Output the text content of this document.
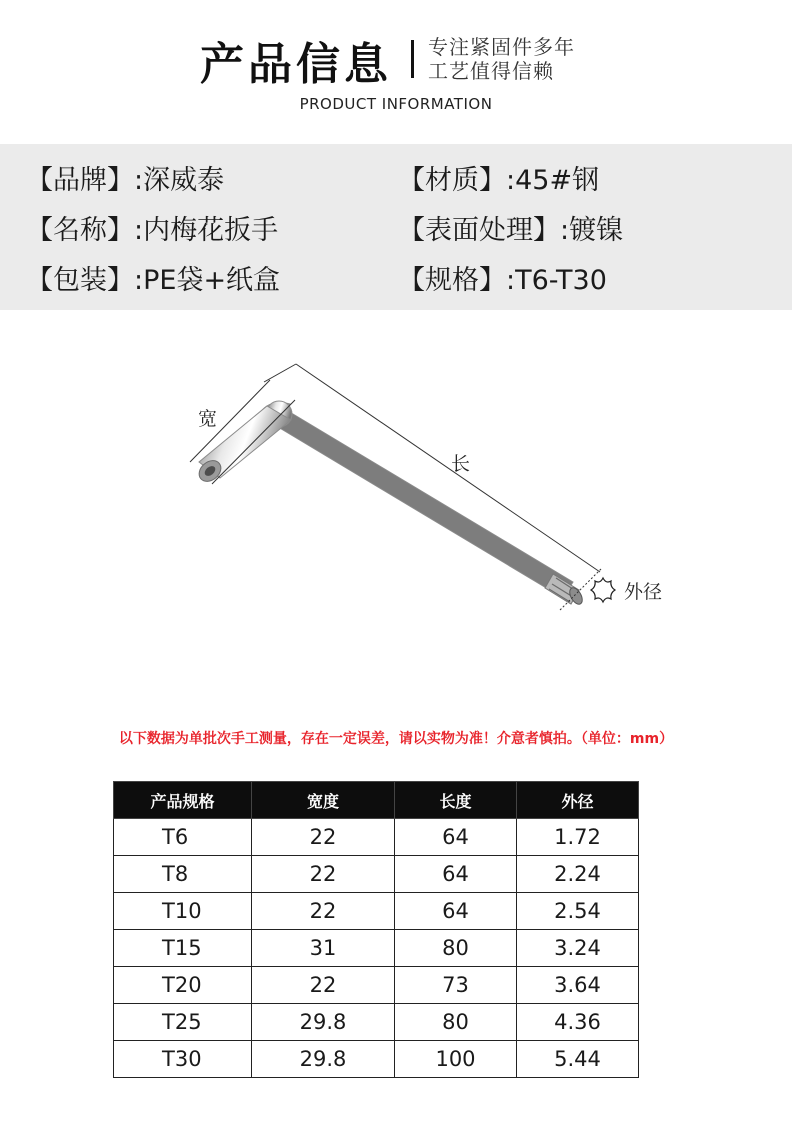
产品信息 专注紧固件多年
工艺值得信赖
PRODUCT INFORMATION
【品牌】:深威泰	【材质】:45#钢
【名称】:内梅花扳手	【表面处理】:镀镍
【包装】:PE袋+纸盒	【规格】:T6-T30
宽
长
外径
以下数据为单批次手工测量，存在一定误差，请以实物为准！介意者慎拍。（单位：mm）
产品规格	宽度	长度	外径
T6	22	64	1.72
T8	22	64	2.24
T10	22	64	2.54
T15	31	80	3.24
T20	22	73	3.64
T25	29.8	80	4.36
T30	29.8	100	5.44
